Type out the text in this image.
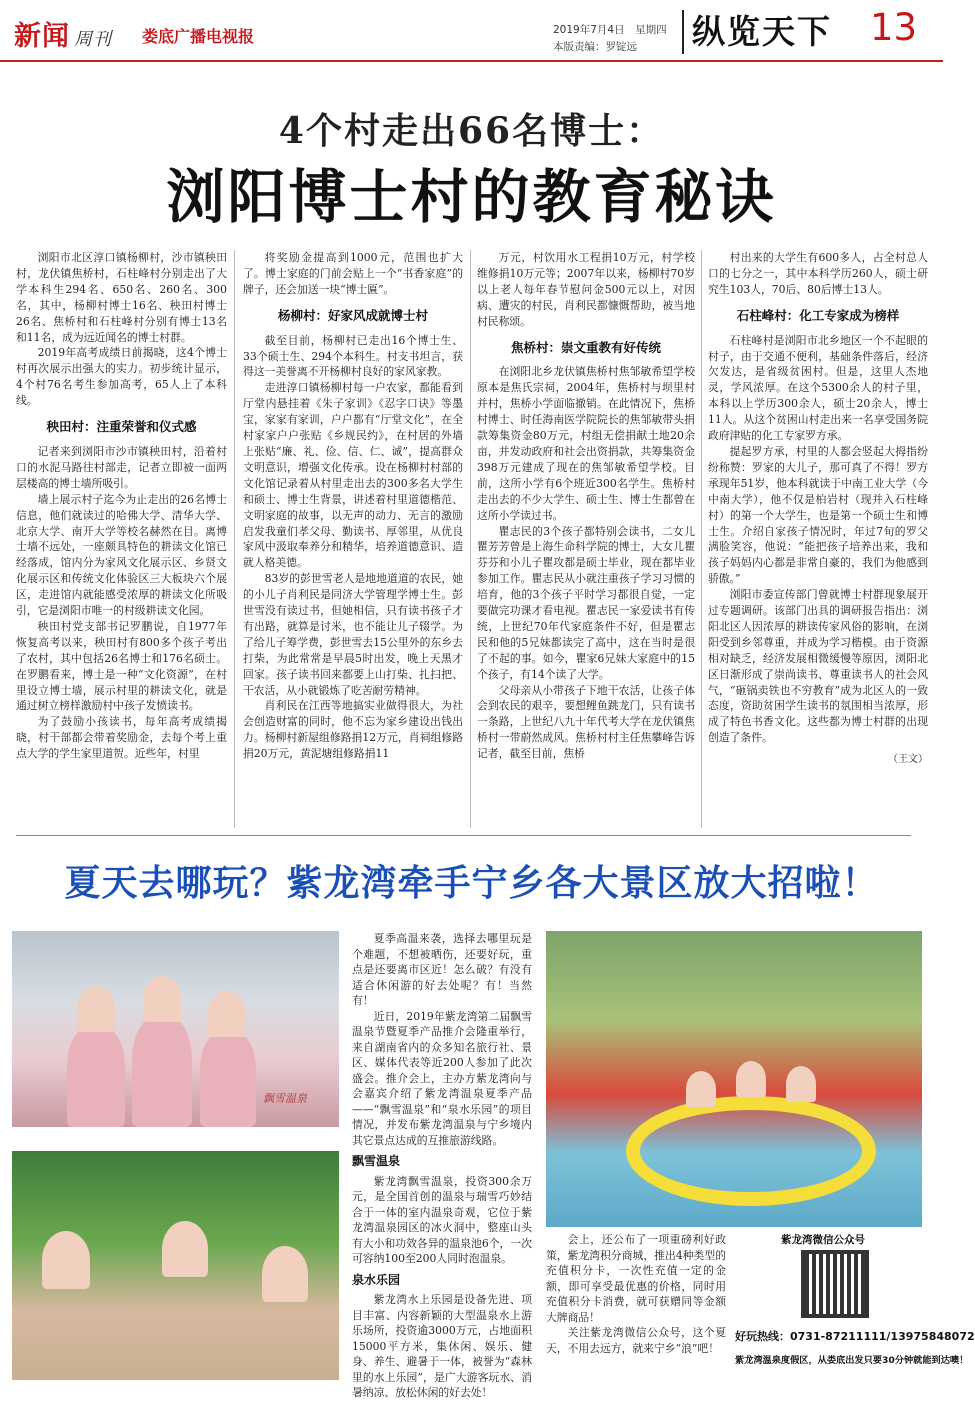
新闻 周刊 娄底广播电视报	2019年7月4日　星期四
本版责编：罗锭远	纵览天下 13
4个村走出66名博士：
浏阳博士村的教育秘诀

浏阳市北区淳口镇杨柳村，沙市镇秧田村，龙伏镇焦桥村，石柱峰村分别走出了大学本科生294名、650名、260名、300名，其中，杨柳村博士16名、秧田村博士26名、焦桥村和石柱峰村分别有博士13名和11名，成为远近闻名的博士村群。

2019年高考成绩日前揭晓，这4个博士村再次展示出强大的实力。初步统计显示，4个村76名考生参加高考，65人上了本科线。

秧田村：注重荣誉和仪式感

记者来到浏阳市沙市镇秧田村，沿着村口的水泥马路往村部走，记者立即被一面两层楼高的博士墙所吸引。

墙上展示村子迄今为止走出的26名博士信息，他们就读过的哈佛大学、清华大学、北京大学、南开大学等校名赫然在目。离博士墙不远处，一座颇具特色的耕读文化馆已经落成，馆内分为家风文化展示区、乡贤文化展示区和传统文化体验区三大板块六个展区，走进馆内就能感受浓厚的耕读文化所吸引，它是浏阳市唯一的村级耕读文化园。

秧田村党支部书记罗鹏说，自1977年恢复高考以来，秧田村有800多个孩子考出了农村，其中包括26名博士和176名硕士。在罗鹏看来，博士是一种“文化资源”，在村里设立博士墙，展示村里的耕读文化，就是通过树立榜样激励村中孩子发愤读书。

为了鼓励小孩读书，每年高考成绩揭晓，村干部都会带着奖励金，去每个考上重点大学的学生家里道贺。近些年，村里

将奖励金提高到1000元，范围也扩大了。博士家庭的门前会贴上一个“书香家庭”的牌子，还会加送一块“博士匾”。

杨柳村：好家风成就博士村

截至目前，杨柳村已走出16个博士生、33个硕士生、294个本科生。村支书坦言，获得这一美誉离不开杨柳村良好的家风家教。

走进淳口镇杨柳村每一户农家，都能看到厅堂内悬挂着《朱子家训》《忍字口诀》等墨宝，家家有家训，户户都有“厅堂文化”，在全村家家户户张贴《乡规民约》，在村居的外墙上张贴“廉、礼、俭、信、仁、诚”，提高群众文明意识，增强文化传承。设在杨柳村村部的文化馆记录着从村里走出去的300多名大学生和硕士、博士生背景，讲述着村里道德楷范、文明家庭的故事，以无声的动力、无言的激励启发我童们孝父母、勤读书、厚邻里，从优良家风中汲取奉养分和精华，培养道德意识、造就人格美德。

83岁的彭世雪老人是地地道道的农民，她的小儿子肖利民是同济大学管理学博士生。彭世雪没有读过书，但她相信，只有读书孩子才有出路，就算是讨米，也不能让儿子辍学。为了给儿子筹学费，彭世雪去15公里外的东乡去打柴，为此常常是早晨5时出发，晚上天黑才回家。孩子读书回来都要上山打柴、扎扫把、干农活，从小就锻炼了吃苦耐劳精神。

肖利民在江西等地搞实业做得很大，为社会创造财富的同时，他不忘为家乡建设出钱出力。杨柳村新屋组修路捐12万元，肖祠组修路捐20万元，黄泥塘组修路捐11

万元，村饮用水工程捐10万元，村学校维修捐10万元等；2007年以来，杨柳村70岁以上老人每年春节慰问金500元以上，对因病、遭灾的村民，肖利民都慷慨帮助，被当地村民称颂。

焦桥村：崇文重教有好传统

在浏阳北乡龙伏镇焦桥村焦邹敏希望学校原本是焦氏宗祠，2004年，焦桥村与坝里村并村，焦桥小学面临撤销。在此情况下，焦桥村博士、时任海南医学院院长的焦邹敏带头捐款筹集资金80万元，村组无偿捐献土地20余亩，并发动政府和社会出资捐款，共筹集资金398万元建成了现在的焦邹敏希望学校。目前，这所小学有6个班近300名学生。焦桥村走出去的不少大学生、硕士生、博士生都曾在这所小学读过书。

瞿志民的3个孩子都特别会读书，二女儿瞿芳芳曾是上海生命科学院的博士，大女儿瞿芬芬和小儿子瞿攻都是硕士毕业，现在都毕业参加工作。瞿志民从小就注重孩子学习习惯的培育，他的3个孩子平时学习都很自觉，一定要做完功课才看电视。瞿志民一家爱读书有传统，上世纪70年代家庭条件不好，但是瞿志民和他的5兄妹都读完了高中，这在当时是很了不起的事。如今，瞿家6兄妹大家庭中的15个孩子，有14个读了大学。

父母亲从小带孩子下地干农活，让孩子体会到农民的艰辛，要想鲤鱼跳龙门，只有读书一条路，上世纪八九十年代考大学在龙伏镇焦桥村一带蔚然成风。焦桥村村主任焦攀峰告诉记者，截至目前，焦桥

村出来的大学生有600多人，占全村总人口的七分之一，其中本科学历260人，硕士研究生103人，70后、80后博士13人。

石柱峰村：化工专家成为榜样

石柱峰村是浏阳市北乡地区一个不起眼的村子，由于交通不便利，基础条件落后，经济欠发达，是省级贫困村。但是，这里人杰地灵，学风浓厚。在这个5300余人的村子里，本科以上学历300余人，硕士20余人，博士11人。从这个贫困山村走出来一名享受国务院政府津贴的化工专家罗方承。

提起罗方承，村里的人都会竖起大拇指纷纷称赞：罗家的大儿子，那可真了不得！罗方承现年51岁，他本科就读于中南工业大学（今中南大学），他不仅是柏岩村（现并入石柱峰村）的第一个大学生，也是第一个硕士生和博士生。介绍自家孩子情况时，年过7旬的罗父满脸笑容，他说：“能把孩子培养出来，我和孩子妈妈内心都是非常自豪的，我们为他感到骄傲。”

浏阳市委宣传部门曾就博士村群现象展开过专题调研。该部门出具的调研报告指出：浏阳北区人因浓厚的耕读传家风俗的影响，在浏阳受到乡邻尊重，并成为学习楷模。由于资源相对缺乏，经济发展相微缓慢等原因，浏阳北区日渐形成了崇尚读书、尊重读书人的社会风气，“砸锅卖铁也不穷教育”成为北区人的一致态度，资助贫困学生读书的氛围相当浓厚，形成了特色书香文化。这些都为博士村群的出现创造了条件。

（王文）
夏天去哪玩？紫龙湾牵手宁乡各大景区放大招啦！
飘雪温泉

夏季高温来袭，选择去哪里玩是个难题，不想被晒伤，还要好玩，重点是还要离市区近！怎么破？有没有适合休闲游的好去处呢？有！当然有！

近日，2019年紫龙湾第二届飘雪温泉节暨夏季产品推介会隆重举行，来自湖南省内的众多知名旅行社、景区、媒体代表等近200人参加了此次盛会。推介会上，主办方紫龙湾向与会嘉宾介绍了紫龙湾温泉夏季产品——“飘雪温泉”和“泉水乐园”的项目情况，并发布紫龙湾温泉与宁乡境内其它景点达成的互推旅游线路。

飘雪温泉

紫龙湾飘雪温泉，投资300余万元，是全国首创的温泉与瑞雪巧妙结合于一体的室内温泉奇观，它位于紫龙湾温泉园区的冰火洞中，整座山头有大小和功效各异的温泉池6个，一次可容纳100至200人同时泡温泉。

泉水乐园

紫龙湾水上乐园是设备先进、项目丰富、内容新颖的大型温泉水上游乐场所，投资逾3000万元，占地面积15000平方米，集休闲、娱乐、健身、养生、避暑于一体，被誉为“森林里的水上乐园”，是广大游客玩水、消暑纳凉、放松休闲的好去处！

会上，还公布了一项重磅利好政策，紫龙湾积分商城，推出4种类型的充值积分卡，一次性充值一定的金额，即可享受最优惠的价格，同时用充值积分卡消费，就可获赠同等金额大牌商品！

关注紫龙湾微信公众号，这个夏天，不用去远方，就来宁乡“浪”吧！

紫龙湾微信公众号
好玩热线：0731-87211111/13975848072
紫龙湾温泉度假区，从娄底出发只要30分钟就能到达噢！
